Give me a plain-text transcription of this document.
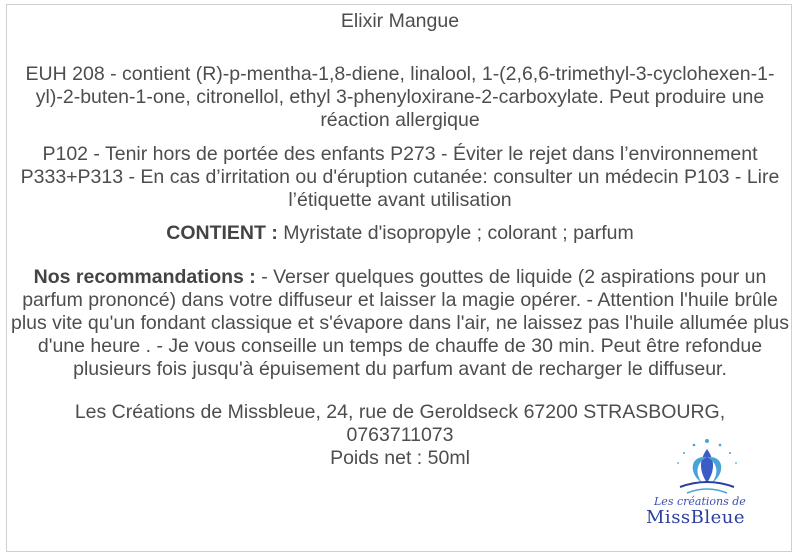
Elixir Mangue

EUH 208 - contient (R)-p-mentha-1,8-diene, linalool, 1-(2,6,6-trimethyl-3-cyclohexen-1-yl)-2-buten-1-one, citronellol, ethyl 3-phenyloxirane-2-carboxylate. Peut produire une réaction allergique

P102 - Tenir hors de portée des enfants P273 - Éviter le rejet dans l’environnement P333+P313 - En cas d’irritation ou d'éruption cutanée: consulter un médecin P103 - Lire l’étiquette avant utilisation

CONTIENT : Myristate d'isopropyle ; colorant ; parfum

Nos recommandations : - Verser quelques gouttes de liquide (2 aspirations pour un parfum prononcé) dans votre diffuseur et laisser la magie opérer. - Attention l'huile brûle plus vite qu'un fondant classique et s'évapore dans l'air, ne laissez pas l'huile allumée plus d'une heure . - Je vous conseille un temps de chauffe de 30 min. Peut être refondue plusieurs fois jusqu'à épuisement du parfum avant de recharger le diffuseur.

Les Créations de Missbleue, 24, rue de Geroldseck 67200 STRASBOURG,

0763711073

Poids net : 50ml

Les créations de
MissBleue
